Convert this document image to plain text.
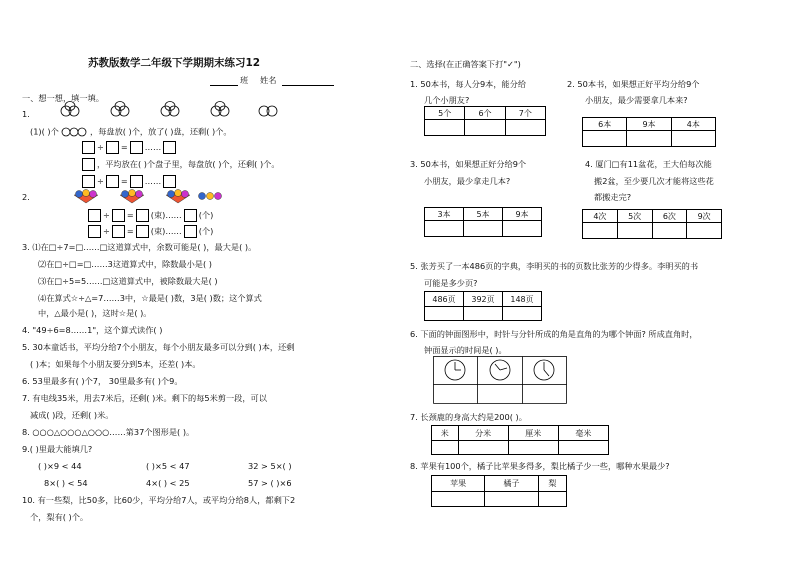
苏教版数学二年级下学期期末练习12
班 姓名
一、想一想，填一填。
1.
(1)( )个	，每盘放( )个，放了( )盘，还剩( )个。
÷ = ……
，平均放在( )个盘子里，每盘放( )个，还剩( )个。
÷ = ……
2.
÷ = (束)…… (个)
÷ = (束)…… (个)
3. ⑴在□÷7=□……□这道算式中，余数可能是( )，最大是( )。
⑵在□÷□=□……3这道算式中，除数最小是( )
⑶在□÷5=5……□这道算式中，被除数最大是( )
⑷在算式☆÷△=7……3中，☆最是( )数，3是( )数；这个算式
中，△最小是( )，这时☆是( )。
4. "49÷6=8……1"，这个算式读作( )
5. 30本童话书，平均分给7个小朋友，每个小朋友最多可以分到( )本，还剩
( )本；如果每个小朋友要分到5本，还差( )本。
6. 53里最多有( )个7， 30里最多有( )个9。
7. 有电线35米，用去7米后，还剩( )米。剩下的每5米剪一段，可以
减成( )段，还剩( )米。
8. ○○○△○○○△○○○……第37个图形是( )。
9.( )里最大能填几?
( )×9 < 44	( )×5 < 47	32 > 5×( )
8×( ) < 54	4×( ) < 25	57 > ( )×6
10. 有一些梨，比50多，比60少，平均分给7人，或平均分给8人，都剩下2
个，梨有( )个。
二、选择(在正确答案下打"✓")
1. 50本书，每人分9本，能分给
几个小朋友?
5个	6个	7个

2. 50本书，如果想正好平均分给9个
小朋友，最少需要拿几本来?
6本	9本	4本

3. 50本书，如果想正好分给9个
小朋友，最少拿走几本?
3本	5本	9本

4. 厦门□有11盆花，王大伯每次能
搬2盆，至少要几次才能将这些花
都搬走完?
4次	5次	6次	9次

5. 张芳买了一本486页的字典，李明买的书的页数比张芳的少得多。李明买的书
可能是多少页?
486页	392页	148页

6. 下面的钟面图形中，时针与分针所成的角是直角的为哪个钟面? 所成直角时，
钟面显示的时间是( )。
7. 长颈鹿的身高大约是200( )。
米	分米	厘米	毫米

8. 苹果有100个，橘子比苹果多得多，梨比橘子少一些，哪种水果最少?
苹果	橘子	梨
